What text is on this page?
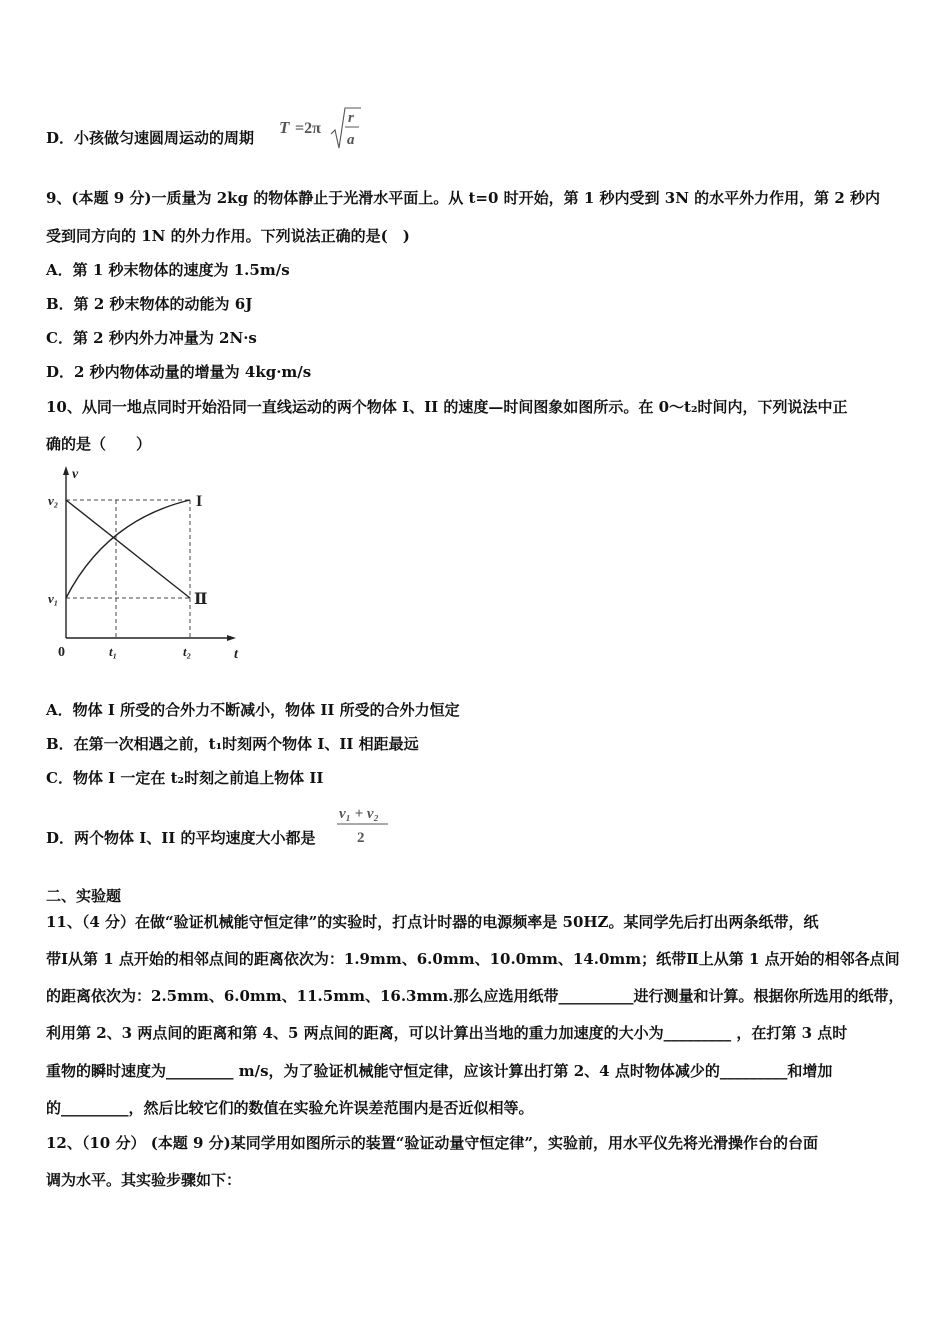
D．小孩做匀速圆周运动的周期
T =2π
r
a
9、(本题 9 分)一质量为 2kg 的物体静止于光滑水平面上。从 t=0 时开始，第 1 秒内受到 3N 的水平外力作用，第 2 秒内
受到同方向的 1N 的外力作用。下列说法正确的是(　)
A．第 1 秒末物体的速度为 1.5m/s
B．第 2 秒末物体的动能为 6J
C．第 2 秒内外力冲量为 2N·s
D．2 秒内物体动量的增量为 4kg·m/s
10、从同一地点同时开始沿同一直线运动的两个物体 I、II 的速度—时间图象如图所示。在 0～t₂时间内，下列说法中正
确的是（　　）
v
t
0
v₂
v₁
t₁	t₂
I
Ⅱ
A．物体 I 所受的合外力不断减小，物体 II 所受的合外力恒定
B．在第一次相遇之前，t₁时刻两个物体 I、II 相距最远
C．物体 I 一定在 t₂时刻之前追上物体 II
D．两个物体 I、II 的平均速度大小都是
v₁ + v₂
2
二、实验题
11、（4 分）在做“验证机械能守恒定律”的实验时，打点计时器的电源频率是 50HZ。某同学先后打出两条纸带，纸
带Ⅰ从第 1 点开始的相邻点间的距离依次为：1.9mm、6.0mm、10.0mm、14.0mm；纸带Ⅱ上从第 1 点开始的相邻各点间
的距离依次为：2.5mm、6.0mm、11.5mm、16.3mm.那么应选用纸带__________进行测量和计算。根据你所选用的纸带，
利用第 2、3 两点间的距离和第 4、5 两点间的距离，可以计算出当地的重力加速度的大小为_________ ，在打第 3 点时
重物的瞬时速度为_________ m/s，为了验证机械能守恒定律，应该计算出打第 2、4 点时物体减少的_________和增加
的_________，然后比较它们的数值在实验允许误差范围内是否近似相等。
12、（10 分） (本题 9 分)某同学用如图所示的装置“验证动量守恒定律”，实验前，用水平仪先将光滑操作台的台面
调为水平。其实验步骤如下：
